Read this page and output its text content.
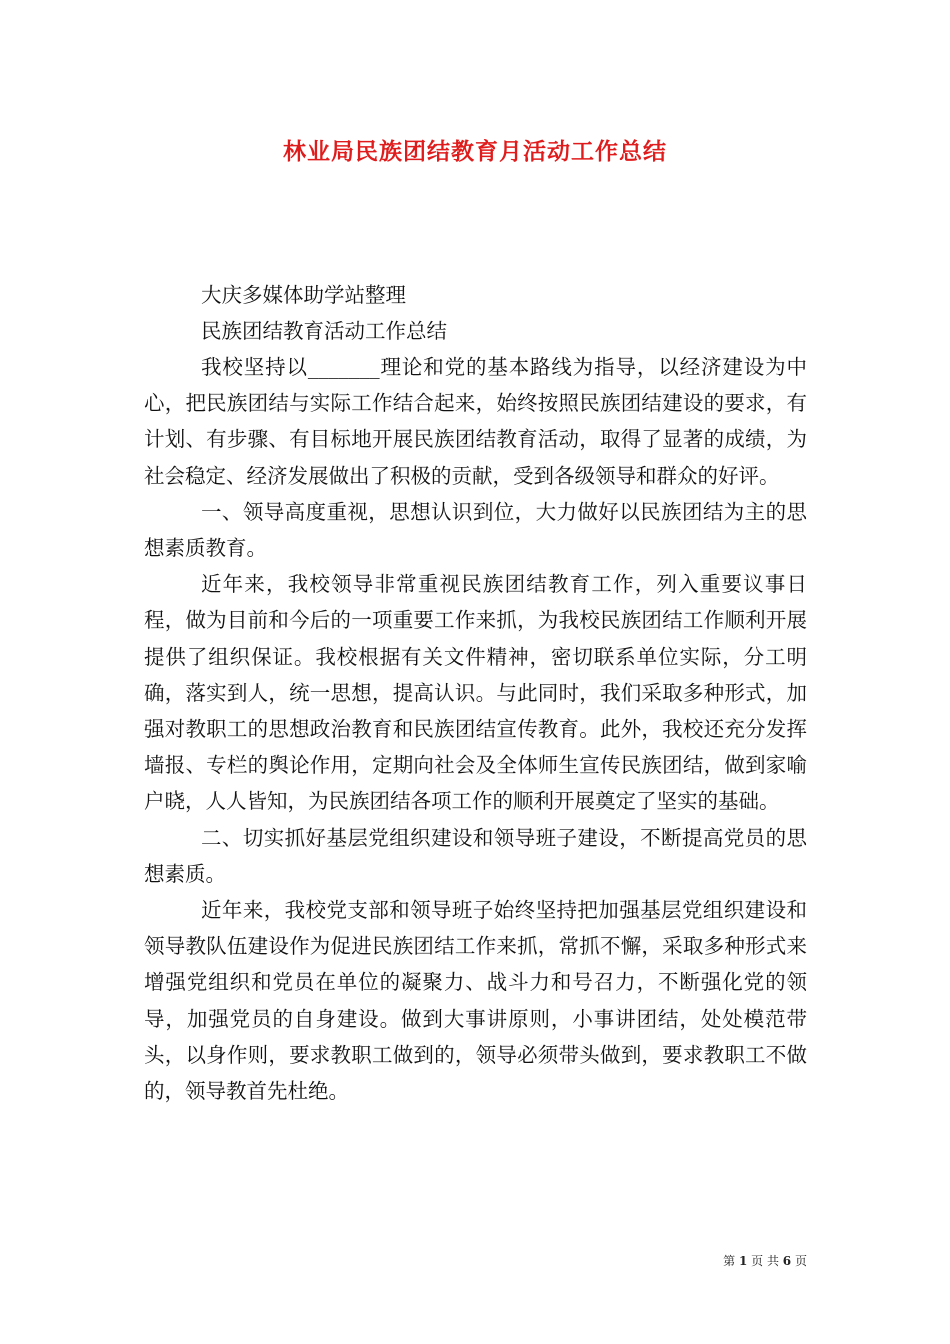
林业局民族团结教育月活动工作总结

大庆多媒体助学站整理

民族团结教育活动工作总结

我校坚持以_______理论和党的基本路线为指导，以经济建设为中心，把民族团结与实际工作结合起来，始终按照民族团结建设的要求，有计划、有步骤、有目标地开展民族团结教育活动，取得了显著的成绩，为社会稳定、经济发展做出了积极的贡献，受到各级领导和群众的好评。

一、领导高度重视，思想认识到位，大力做好以民族团结为主的思想素质教育。

近年来，我校领导非常重视民族团结教育工作，列入重要议事日程，做为目前和今后的一项重要工作来抓，为我校民族团结工作顺利开展提供了组织保证。我校根据有关文件精神，密切联系单位实际，分工明确，落实到人，统一思想，提高认识。与此同时，我们采取多种形式，加强对教职工的思想政治教育和民族团结宣传教育。此外，我校还充分发挥墙报、专栏的舆论作用，定期向社会及全体师生宣传民族团结，做到家喻户晓，人人皆知，为民族团结各项工作的顺利开展奠定了坚实的基础。

二、切实抓好基层党组织建设和领导班子建设，不断提高党员的思想素质。

近年来，我校党支部和领导班子始终坚持把加强基层党组织建设和领导教队伍建设作为促进民族团结工作来抓，常抓不懈，采取多种形式来增强党组织和党员在单位的凝聚力、战斗力和号召力，不断强化党的领导，加强党员的自身建设。做到大事讲原则，小事讲团结，处处模范带头，以身作则，要求教职工做到的，领导必须带头做到，要求教职工不做的，领导教首先杜绝。

第 1 页 共 6 页
